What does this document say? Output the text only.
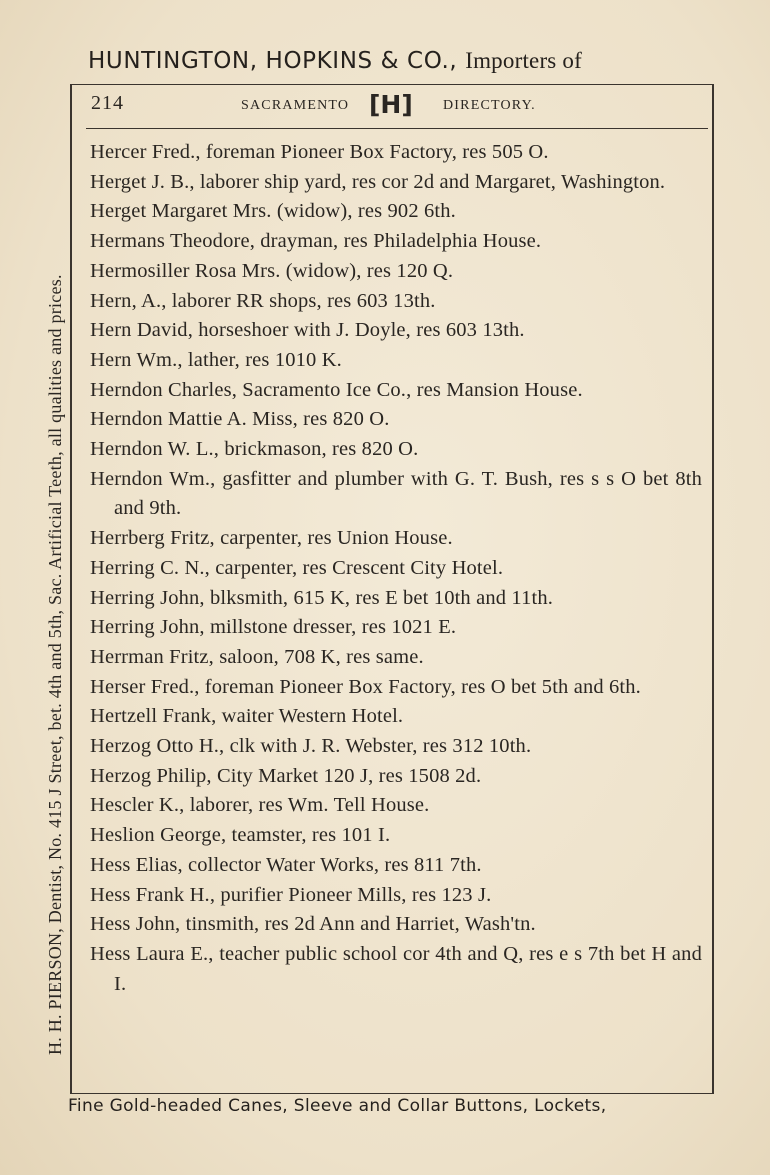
HUNTINGTON, HOPKINS & CO., Importers of
H. H. PIERSON, Dentist, No. 415 J Street, bet. 4th and 5th, Sac. Artificial Teeth, all qualities and prices.
214	SACRAMENTO [H] DIRECTORY.

Hercer Fred., foreman Pioneer Box Factory, res 505 O.

Herget J. B., laborer ship yard, res cor 2d and Margaret, Washington.

Herget Margaret Mrs. (widow), res 902 6th.

Hermans Theodore, drayman, res Philadelphia House.

Hermosiller Rosa Mrs. (widow), res 120 Q.

Hern, A., laborer RR shops, res 603 13th.

Hern David, horseshoer with J. Doyle, res 603 13th.

Hern Wm., lather, res 1010 K.

Herndon Charles, Sacramento Ice Co., res Mansion House.

Herndon Mattie A. Miss, res 820 O.

Herndon W. L., brickmason, res 820 O.

Herndon Wm., gasfitter and plumber with G. T. Bush, res s s O bet 8th and 9th.

Herrberg Fritz, carpenter, res Union House.

Herring C. N., carpenter, res Crescent City Hotel.

Herring John, blksmith, 615 K, res E bet 10th and 11th.

Herring John, millstone dresser, res 1021 E.

Herrman Fritz, saloon, 708 K, res same.

Herser Fred., foreman Pioneer Box Factory, res O bet 5th and 6th.

Hertzell Frank, waiter Western Hotel.

Herzog Otto H., clk with J. R. Webster, res 312 10th.

Herzog Philip, City Market 120 J, res 1508 2d.

Hescler K., laborer, res Wm. Tell House.

Heslion George, teamster, res 101 I.

Hess Elias, collector Water Works, res 811 7th.

Hess Frank H., purifier Pioneer Mills, res 123 J.

Hess John, tinsmith, res 2d Ann and Harriet, Wash'tn.

Hess Laura E., teacher public school cor 4th and Q, res e s 7th bet H and I.

Fine Gold-headed Canes, Sleeve and Collar Buttons, Lockets,
